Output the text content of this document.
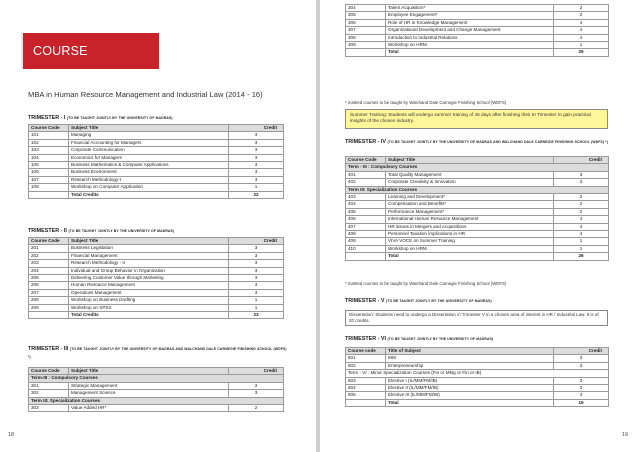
COURSE CURRICULUM
MBA in Human Resource Management and Industrial Law (2014 - 16)
TRIMESTER - I (TO BE TAUGHT JOINTLY BY THE UNIVERSITY OF MADRAS)
Course Code	Subject Title	Credit
101	Managing	3
102	Financial Accounting for Managers	3
103	Corporate Communication	3
104	Economics for Managers	3
105	Business Mathematics & Computer Applications	3
106	Business Environment	3
107	Research Methodology-I	3
108	Workshop on Computer Application	1
	Total Credits	22
TRIMESTER - II (TO BE TAUGHT JOINTLY BY THE UNIVERSITY OF MADRAS)
Course Code	Subject Title	Credit
201	Business Legislation	3
202	Financial Management	3
203	Research Methodology - II	3
204	Individual and Group Behavior in Organization	3
205	Delivering Customer Value through Marketing	3
206	Human Resource Management	3
207	Operations Management	3
208	Workshop on Business Drafting	1
209	Workshop on SPSS	1
	Total Credits	23
TRIMESTER - III (TO BE TAUGHT JOINTLY BY THE UNIVERSITY OF MADRAS AND WALCHAND DALE CARNEGIE FINISHING SCHOOL (WDFS) *)
Course Code	Subject Title	Credit
Term-III : Compulsory Courses		
301	Strategic Management	3
302	Management Science	3
Term III: Specialization Courses		
303	Value Added HR*	2
18
304	Talent Acquisition*	2
305	Employee Engagement*	2
306	Role of HR in Knowledge Management	4
307	Organizational Development and Change Management	4
308	Introduction to Industrial Relations	4
309	Workshop on HRM	1
	Total	25
* marked courses to be taught by Walchand Dale Carnegie Finishing School (WDFS)
Summer Training: Students will undergo summer training of 45 days after finishing their III Trimester to gain practical insights of the chosen industry.
TRIMESTER - IV (TO BE TAUGHT JOINTLY BY THE UNIVERSITY OF MADRAS AND WALCHAND DALE CARNEGIE FINISHING SCHOOL (WDFS) *)
Course Code	Subject Title	Credit
Term - III : Compulsory Courses		
401	Total Quality Management	3
402	Corporate Creativity & Innovation	3
Term III: Specialization Courses		
403	Learning and Development*	2
404	Compensation and Benefits*	2
405	Performance Management*	2
406	International Human Resource Management	4
407	HR issues in Mergers and Acquisitions	4
408	Personnel Taxation implications in HR	4
409	VIVA VOCE on Summer Training	1
410	Workshop on HRM	1
	Total	26
* marked courses to be taught by Walchand Dale Carnegie Finishing School (WDFS)
TRIMESTER - V (TO BE TAUGHT JOINTLY BY THE UNIVERSITY OF MADRAS)
Dissertation: Students need to undergo a Dissertation in Trimester V in a chosen area of interest in HR / Industrial Law. It is of 20 credits.
TRIMESTER - VI (TO BE TAUGHT JOINTLY BY THE UNIVERSITY OF MADRAS)
Course code	Title of Subject	Credit
601	MIS	3
602	Entrepreneurship	3
Term - VI : Minor Specialization Courses (Fin or Mktg or Fin or IB)		
603	Elective I (IL/MM/FM/IB)	3
604	Elective II (IL/MM/FM/IB)	3
605	Elective III (IL/MM/FM/IB)	3
	Total	15
19
